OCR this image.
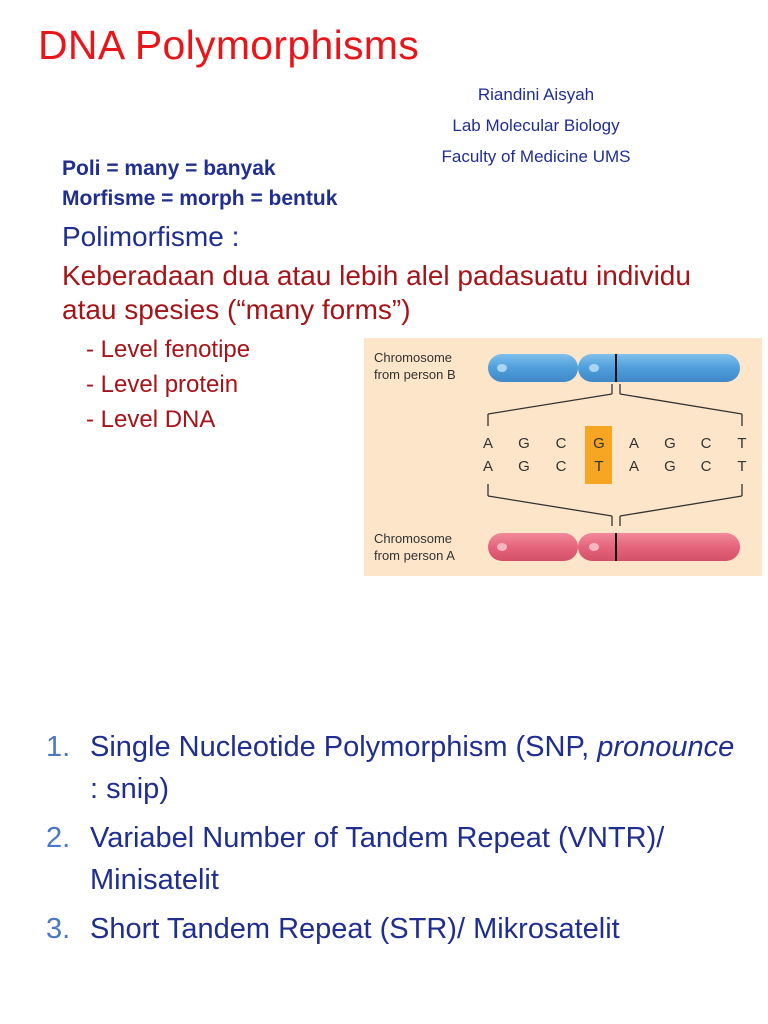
DNA Polymorphisms
Riandini Aisyah
Lab Molecular Biology
Faculty of Medicine UMS
Poli = many = banyak
Morfisme = morph = bentuk
Polimorfisme :
Keberadaan dua atau lebih alel padasuatu individu atau spesies (“many forms”)
- Level fenotipe
- Level protein
- Level DNA
Chromosome
from person B
A G C G A G C T
A G C T A G C T
Chromosome
from person A
1. Single Nucleotide Polymorphism (SNP, pronounce : snip)
2. Variabel Number of Tandem Repeat (VNTR)/ Minisatelit
3. Short Tandem Repeat (STR)/ Mikrosatelit
